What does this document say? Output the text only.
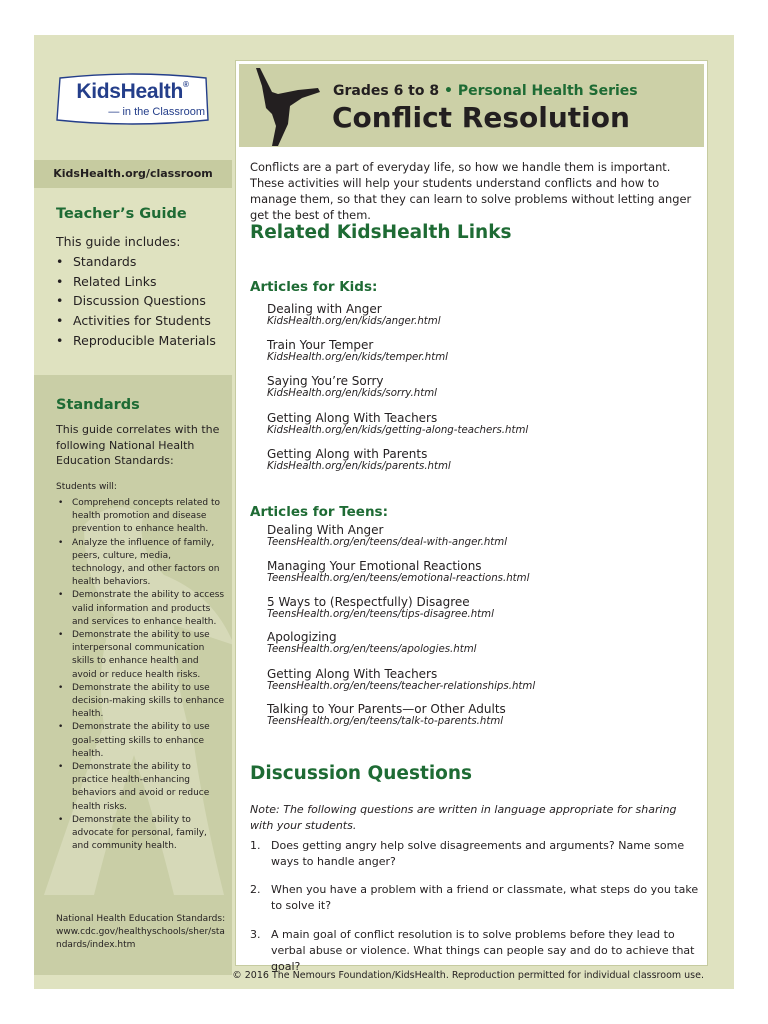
KidsHealth®
— in the Classroom
KidsHealth.org/classroom
Teacher’s Guide
This guide includes:
• Standards
• Related Links
• Discussion Questions
• Activities for Students
• Reproducible Materials
Standards
This guide correlates with the following National Health Education Standards:
Students will:
• Comprehend concepts related to health promotion and disease prevention to enhance health.
• Analyze the influence of family, peers, culture, media, technology, and other factors on health behaviors.
• Demonstrate the ability to access valid information and products and services to enhance health.
• Demonstrate the ability to use interpersonal communication skills to enhance health and avoid or reduce health risks.
• Demonstrate the ability to use decision-making skills to enhance health.
• Demonstrate the ability to use goal-setting skills to enhance health.
• Demonstrate the ability to practice health-enhancing behaviors and avoid or reduce health risks.
• Demonstrate the ability to advocate for personal, family, and community health.
National Health Education Standards: www.cdc.gov/healthyschools/sher/standards/index.htm
Grades 6 to 8 • Personal Health Series
Conflict Resolution
Conflicts are a part of everyday life, so how we handle them is important. These activities will help your students understand conflicts and how to manage them, so that they can learn to solve problems without letting anger get the best of them.
Related KidsHealth Links
Articles for Kids:
Dealing with Anger
KidsHealth.org/en/kids/anger.html
Train Your Temper
KidsHealth.org/en/kids/temper.html
Saying You’re Sorry
KidsHealth.org/en/kids/sorry.html
Getting Along With Teachers
KidsHealth.org/en/kids/getting-along-teachers.html
Getting Along with Parents
KidsHealth.org/en/kids/parents.html
Articles for Teens:
Dealing With Anger
TeensHealth.org/en/teens/deal-with-anger.html
Managing Your Emotional Reactions
TeensHealth.org/en/teens/emotional-reactions.html
5 Ways to (Respectfully) Disagree
TeensHealth.org/en/teens/tips-disagree.html
Apologizing
TeensHealth.org/en/teens/apologies.html
Getting Along With Teachers
TeensHealth.org/en/teens/teacher-relationships.html
Talking to Your Parents—or Other Adults
TeensHealth.org/en/teens/talk-to-parents.html
Discussion Questions
Note: The following questions are written in language appropriate for sharing with your students.
1. Does getting angry help solve disagreements and arguments? Name some ways to handle anger?
2. When you have a problem with a friend or classmate, what steps do you take to solve it?
3. A main goal of conflict resolution is to solve problems before they lead to verbal abuse or violence. What things can people say and do to achieve that goal?
© 2016 The Nemours Foundation/KidsHealth. Reproduction permitted for individual classroom use.
